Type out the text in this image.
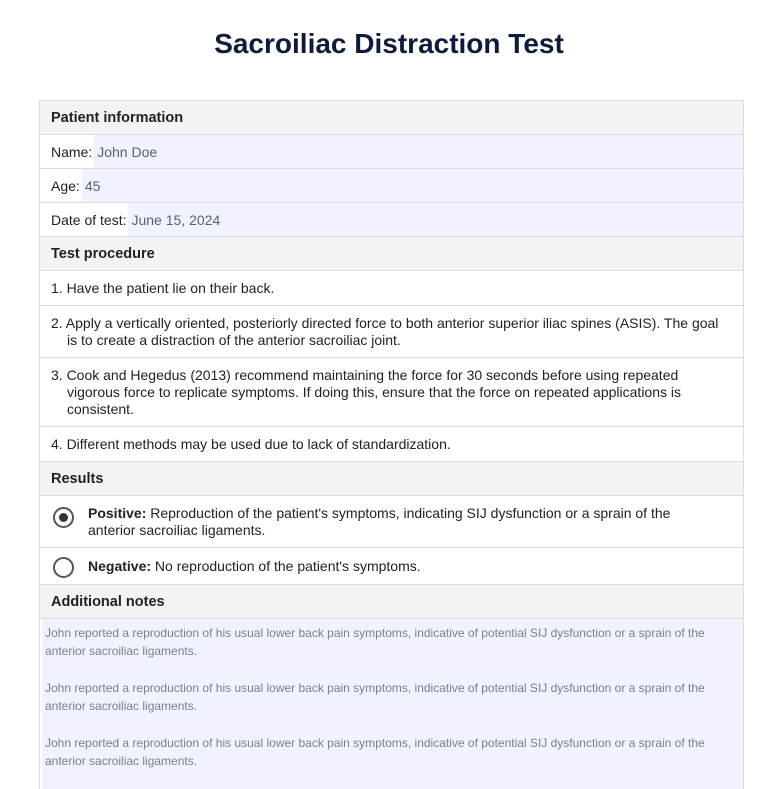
Sacroiliac Distraction Test
Patient information
Name: John Doe
Age: 45
Date of test: June 15, 2024
Test procedure
1. Have the patient lie on their back.
2. Apply a vertically oriented, posteriorly directed force to both anterior superior iliac spines (ASIS). The goal is to create a distraction of the anterior sacroiliac joint.
3. Cook and Hegedus (2013) recommend maintaining the force for 30 seconds before using repeated vigorous force to replicate symptoms. If doing this, ensure that the force on repeated applications is consistent.
4. Different methods may be used due to lack of standardization.
Results
Positive: Reproduction of the patient's symptoms, indicating SIJ dysfunction or a sprain of the anterior sacroiliac ligaments.
Negative: No reproduction of the patient's symptoms.
Additional notes

John reported a reproduction of his usual lower back pain symptoms, indicative of potential SIJ dysfunction or a sprain of the anterior sacroiliac ligaments.

John reported a reproduction of his usual lower back pain symptoms, indicative of potential SIJ dysfunction or a sprain of the anterior sacroiliac ligaments.

John reported a reproduction of his usual lower back pain symptoms, indicative of potential SIJ dysfunction or a sprain of the anterior sacroiliac ligaments.
